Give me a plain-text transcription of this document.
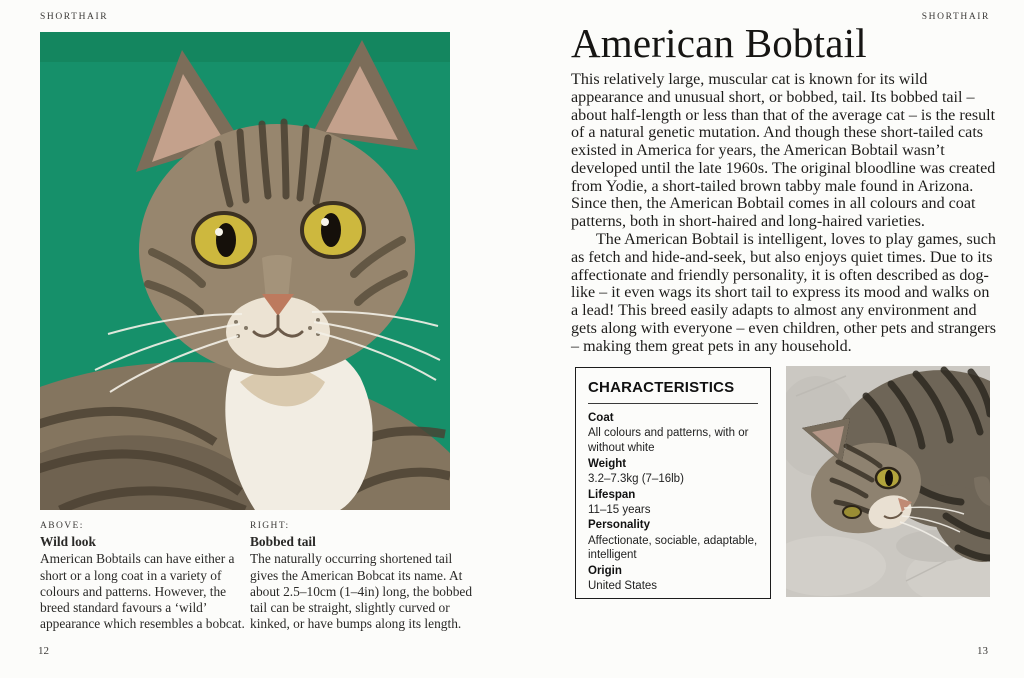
SHORTHAIR	SHORTHAIR
ABOVE:
Wild look
American Bobtails can have either a short or a long coat in a variety of colours and patterns. However, the breed standard favours a ‘wild’ appearance which resembles a bobcat.
RIGHT:
Bobbed tail
The naturally occurring shortened tail gives the American Bobcat its name. At about 2.5–10cm (1–4in) long, the bobbed tail can be straight, slightly curved or kinked, or have bumps along its length.
12	13
American Bobtail

This relatively large, muscular cat is known for its wild appearance and unusual short, or bobbed, tail. Its bobbed tail – about half-length or less than that of the average cat – is the result of a natural genetic mutation. And though these short-tailed cats existed in America for years, the American Bobtail wasn’t developed until the late 1960s. The original bloodline was created from Yodie, a short-tailed brown tabby male found in Arizona. Since then, the American Bobtail comes in all colours and coat patterns, both in short-haired and long-haired varieties.

The American Bobtail is intelligent, loves to play games, such as fetch and hide-and-seek, but also enjoys quiet times. Due to its affectionate and friendly personality, it is often described as dog-like – it even wags its short tail to express its mood and walks on a lead! This breed easily adapts to almost any environment and gets along with everyone – even children, other pets and strangers – making them great pets in any household.

CHARACTERISTICS
Coat
All colours and patterns, with or without white
Weight
3.2–7.3kg (7–16lb)
Lifespan
11–15 years
Personality
Affectionate, sociable, adaptable, intelligent
Origin
United States
